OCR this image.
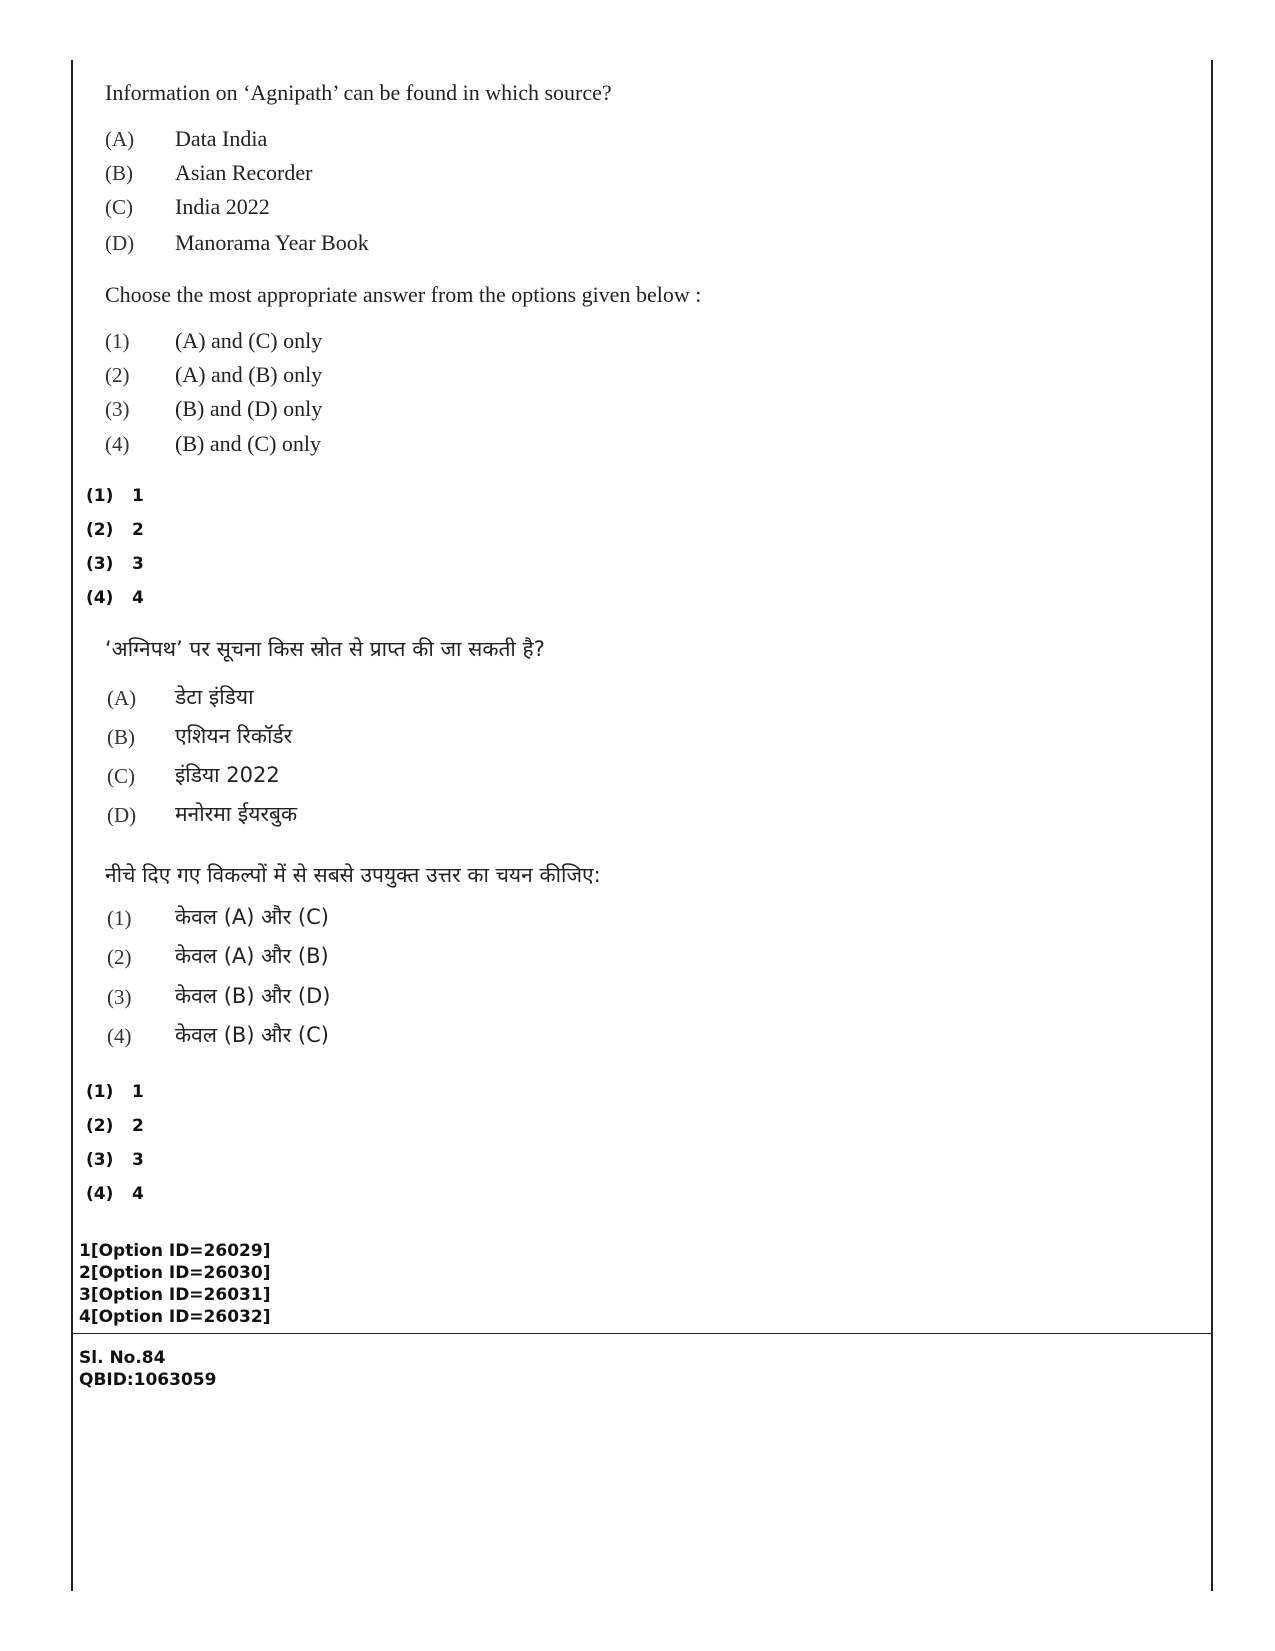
Information on ‘Agnipath’ can be found in which source?
(A) Data India
(B) Asian Recorder
(C) India 2022
(D) Manorama Year Book
Choose the most appropriate answer from the options given below :
(1) (A) and (C) only
(2) (A) and (B) only
(3) (B) and (D) only
(4) (B) and (C) only
(1) 1
(2) 2
(3) 3
(4) 4
‘अग्निपथ’ पर सूचना किस स्रोत से प्राप्त की जा सकती है?
(A) डेटा इंडिया
(B) एशियन रिकॉर्डर
(C) इंडिया 2022
(D) मनोरमा ईयरबुक
नीचे दिए गए विकल्पों में से सबसे उपयुक्त उत्तर का चयन कीजिए:
(1) केवल (A) और (C)
(2) केवल (A) और (B)
(3) केवल (B) और (D)
(4) केवल (B) और (C)
(1) 1
(2) 2
(3) 3
(4) 4
1[Option ID=26029]
2[Option ID=26030]
3[Option ID=26031]
4[Option ID=26032]
Sl. No.84
QBID:1063059
